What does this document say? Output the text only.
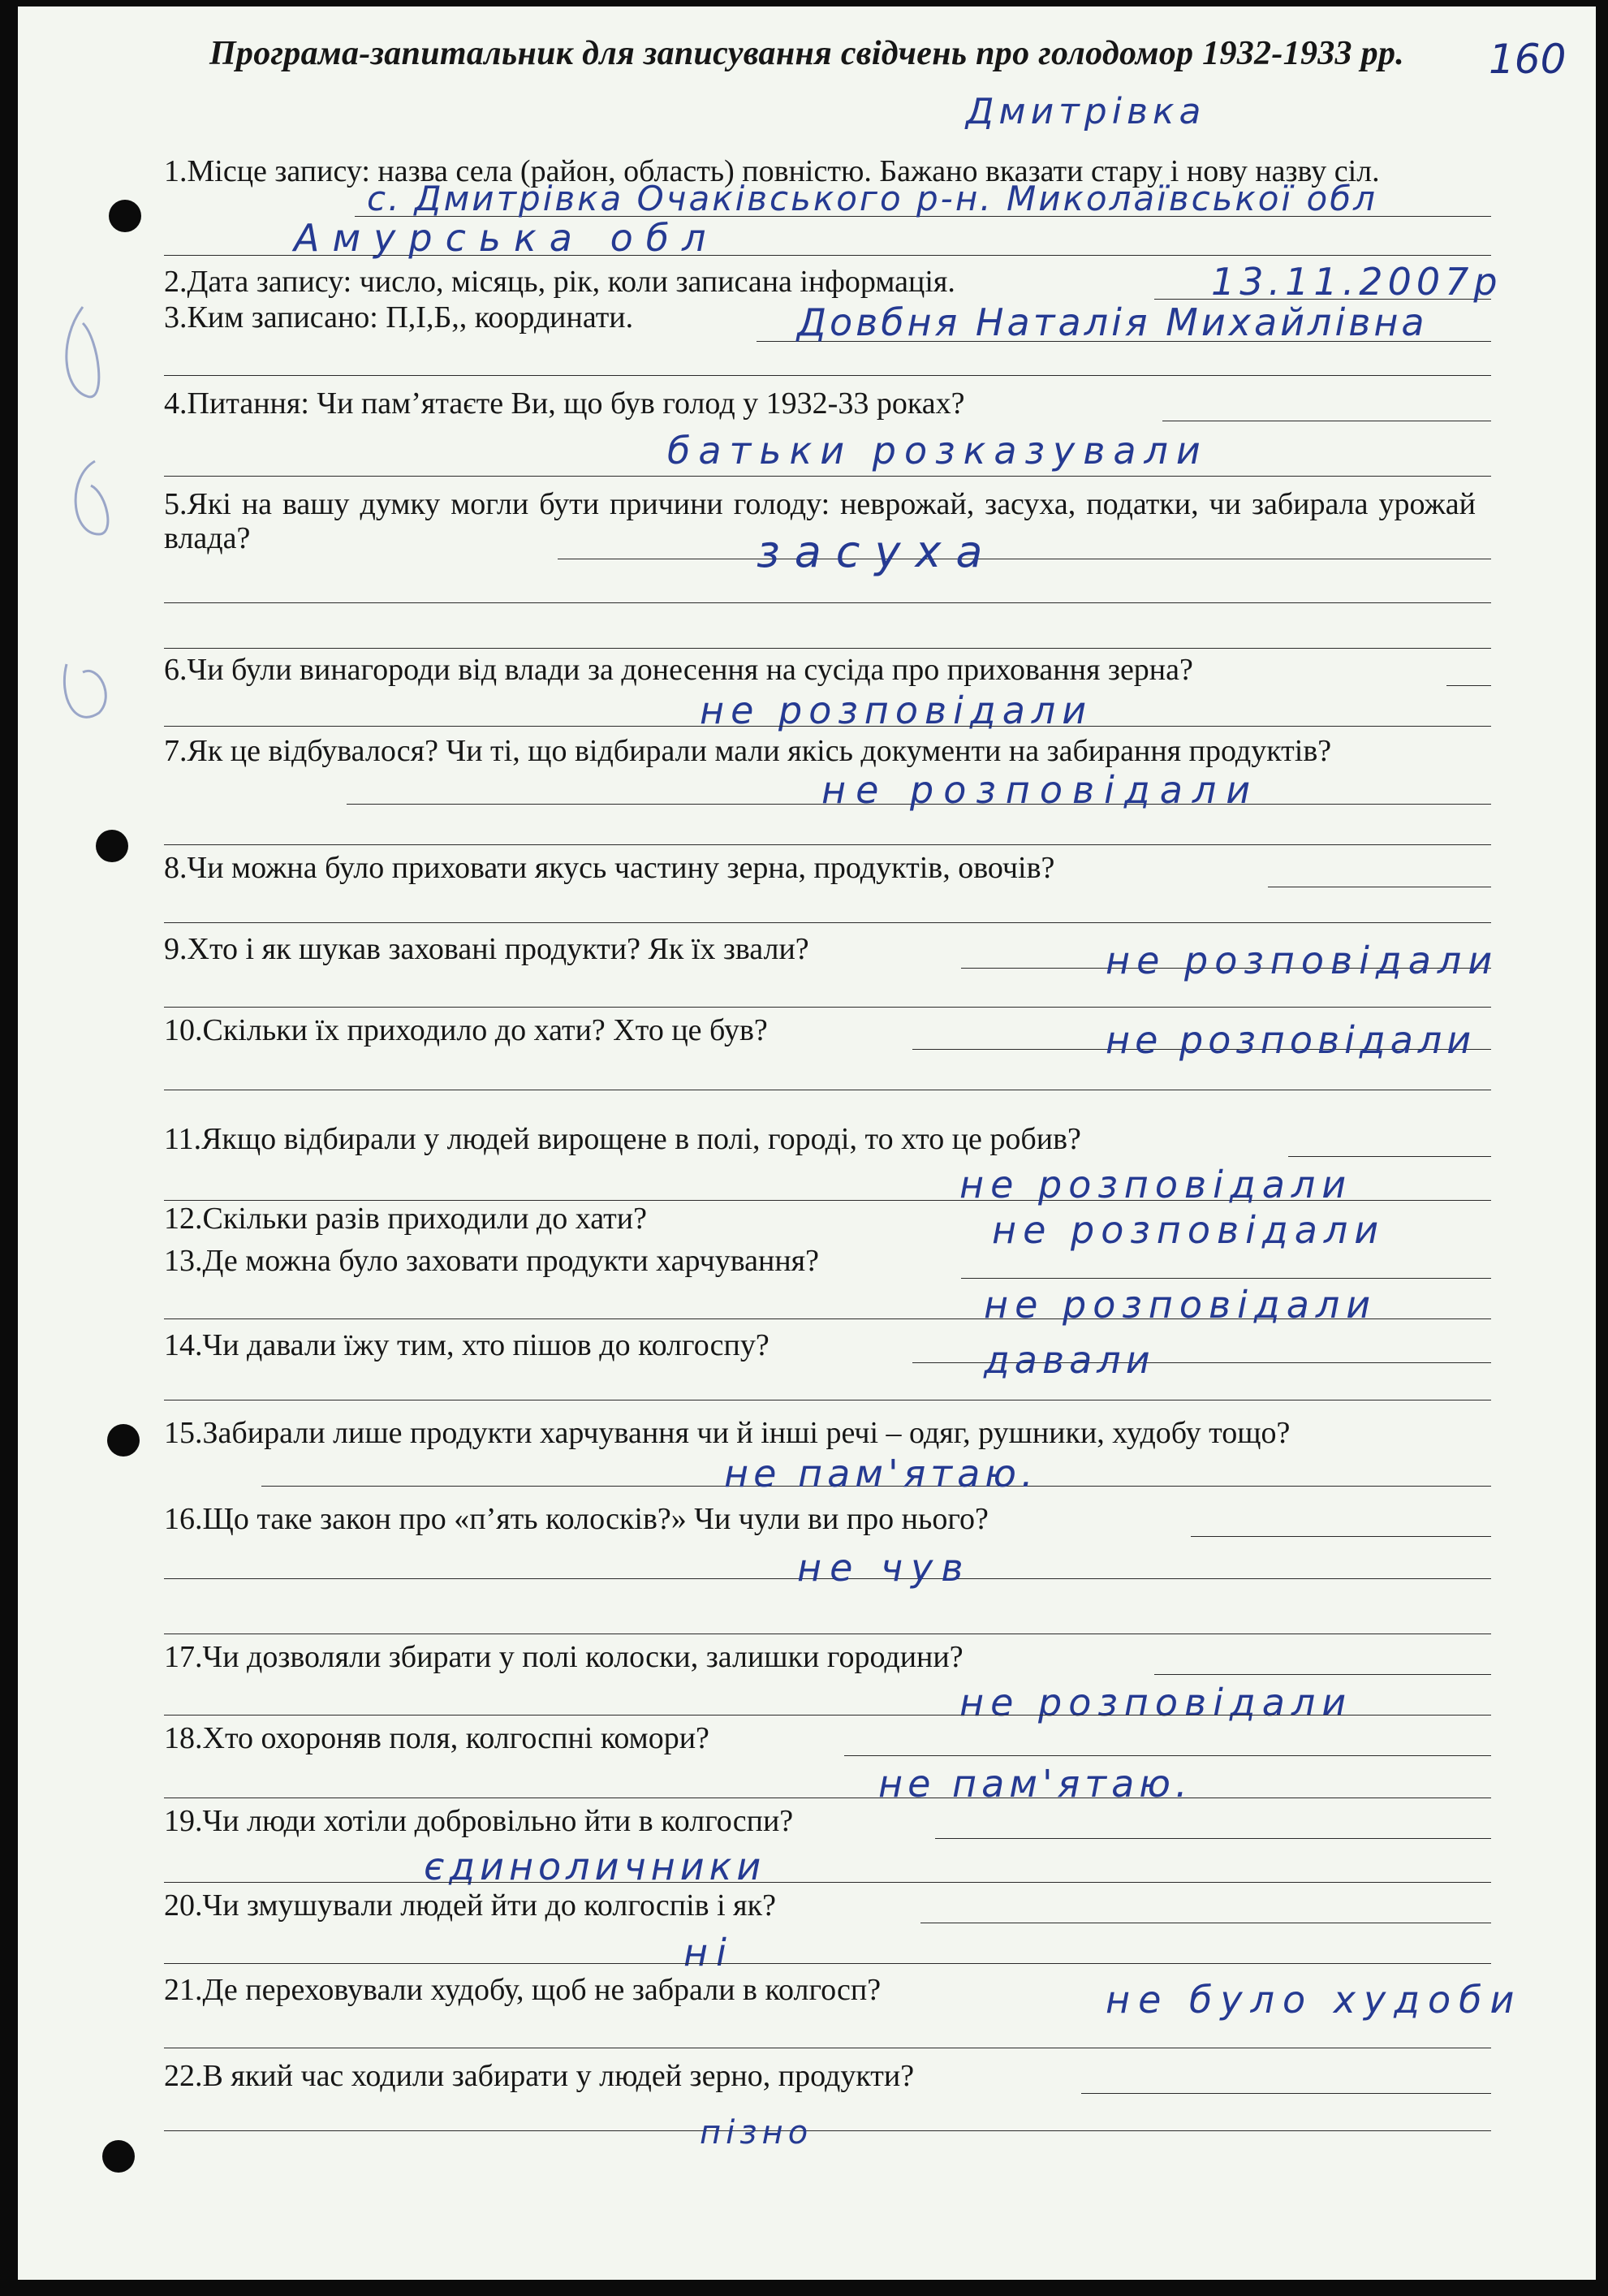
Програма-запитальник для записування свідчень про голодомор 1932-1933 рр.	160
Дмитрівка
1.Місце запису: назва села (район, область) повністю. Бажано вказати стару і нову назву сіл.
с. Дмитрівка Очаківського р-н. Миколаївської обл
Амурська обл
2.Дата запису: число, місяць, рік, коли записана інформація.	13.11.2007р
3.Ким записано: П,І,Б,, координати.	Довбня Наталія Михайлівна
4.Питання: Чи пам’ятаєте Ви, що був голод у 1932-33 роках?
батьки розказували
5.Які на вашу думку могли бути причини голоду: неврожай, засуха, податки, чи забирала урожай влада?	засуха
6.Чи були винагороди від влади за донесення на сусіда про приховання зерна?
не розповідали
7.Як це відбувалося? Чи ті, що відбирали мали якісь документи на забирання продуктів?
не розповідали
8.Чи можна було приховати якусь частину зерна, продуктів, овочів?
9.Хто і як шукав заховані продукти? Як їх звали?	не розповідали
10.Скільки їх приходило до хати? Хто це був?	не розповідали
11.Якщо відбирали у людей вирощене в полі, городі, то хто це робив?
не розповідали
12.Скільки разів приходили до хати?	не розповідали
13.Де можна було заховати продукти харчування?
не розповідали
14.Чи давали їжу тим, хто пішов до колгоспу?	давали
15.Забирали лише продукти харчування чи й інші речі – одяг, рушники, худобу тощо?
не пам'ятаю.
16.Що таке закон про «п’ять колосків?» Чи чули ви про нього?
не чув
17.Чи дозволяли збирати у полі колоски, залишки городини?
не розповідали
18.Хто охороняв поля, колгоспні комори?
не пам'ятаю.
19.Чи люди хотіли добровільно йти в колгоспи?
єдиноличники
20.Чи змушували людей йти до колгоспів і як?
ні
21.Де переховували худобу, щоб не забрали в колгосп?	не було худоби
22.В який час ходили забирати у людей зерно, продукти?
пізно
